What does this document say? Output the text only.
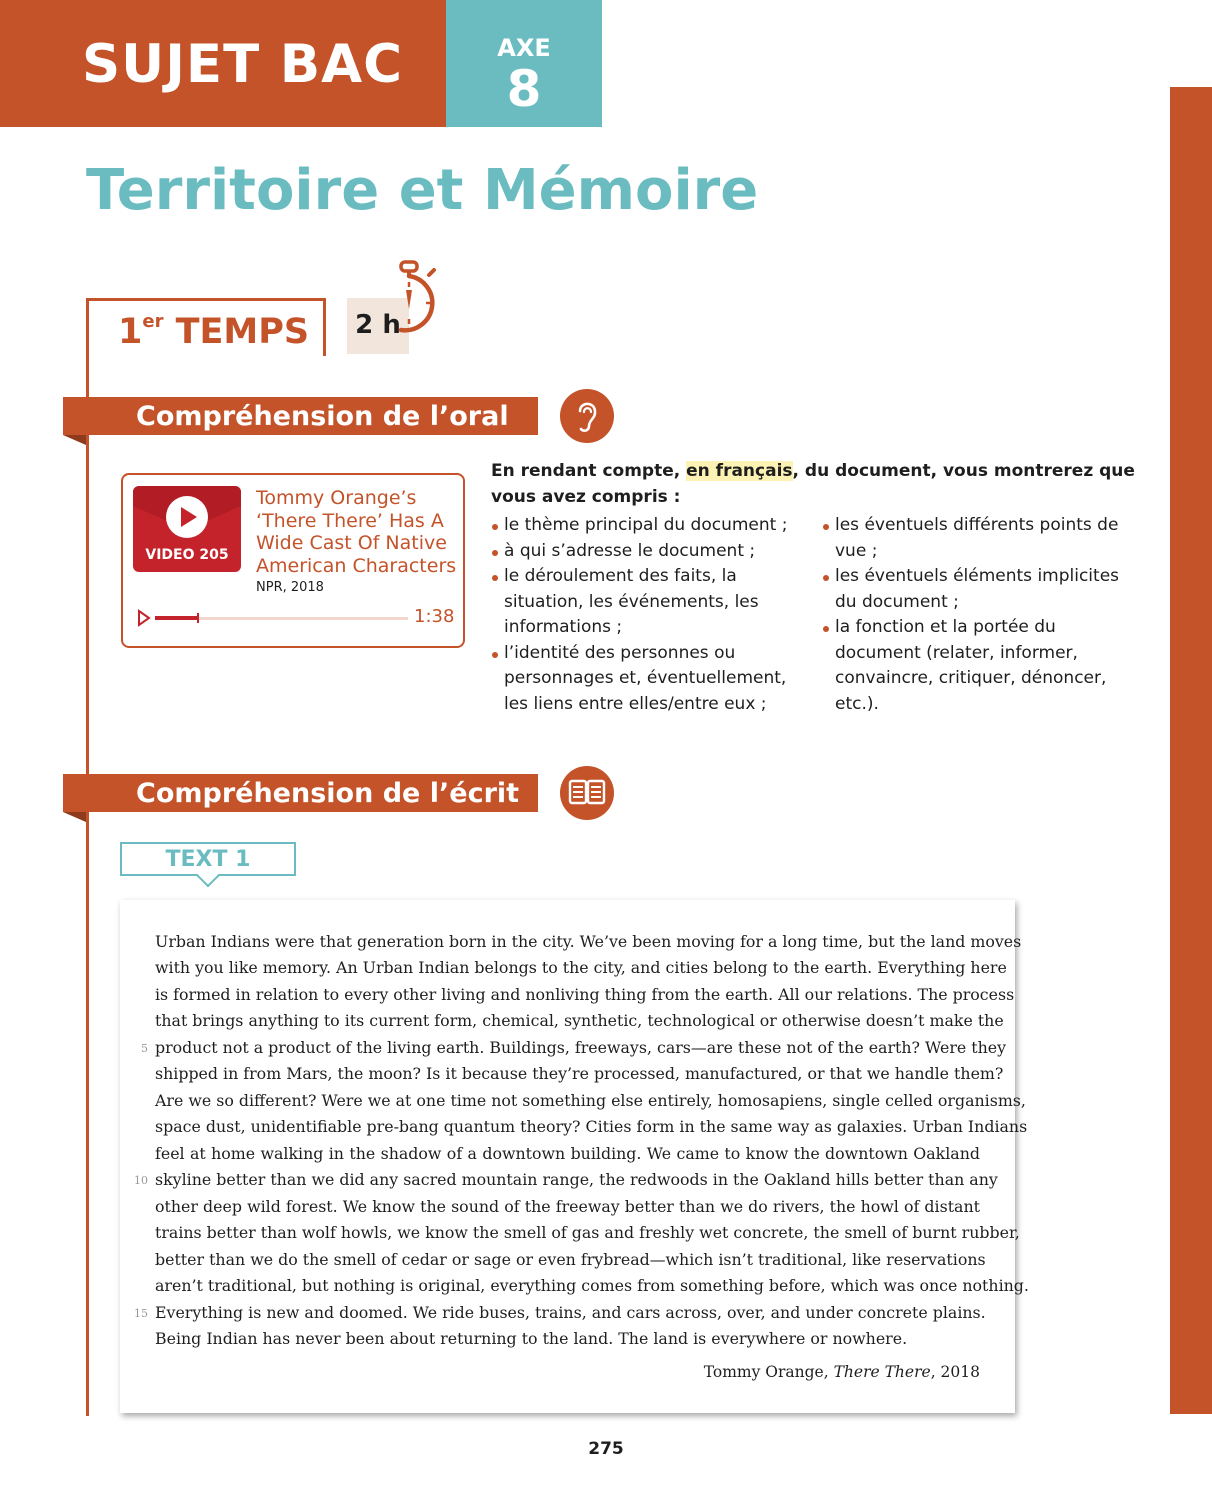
SUJET BAC	AXE
8
Territoire et Mémoire
1er TEMPS	2 h
Compréhension de l’oral
VIDEO 205
Tommy Orange’s ‘There There’ Has A Wide Cast Of Native American Characters
NPR, 2018
1:38
En rendant compte, en français, du document, vous montrerez que vous avez compris :
le thème principal du document ;
à qui s’adresse le document ;
le déroulement des faits, la situation, les événements, les informations ;
l’identité des personnes ou personnages et, éventuellement, les liens entre elles/entre eux ;
les éventuels différents points de vue ;
les éventuels éléments implicites du document ;
la fonction et la portée du document (relater, informer, convaincre, critiquer, dénoncer, etc.).
Compréhension de l’écrit
TEXT 1
Urban Indians were that generation born in the city. We’ve been moving for a long time, but the land moves
with you like memory. An Urban Indian belongs to the city, and cities belong to the earth. Everything here
is formed in relation to every other living and nonliving thing from the earth. All our relations. The process
that brings anything to its current form, chemical, synthetic, technological or otherwise doesn’t make the
product not a product of the living earth. Buildings, freeways, cars—are these not of the earth? Were they
shipped in from Mars, the moon? Is it because they’re processed, manufactured, or that we handle them?
Are we so different? Were we at one time not something else entirely, homosapiens, single celled organisms,
space dust, unidentifiable pre-bang quantum theory? Cities form in the same way as galaxies. Urban Indians
feel at home walking in the shadow of a downtown building. We came to know the downtown Oakland
skyline better than we did any sacred mountain range, the redwoods in the Oakland hills better than any
other deep wild forest. We know the sound of the freeway better than we do rivers, the howl of distant
trains better than wolf howls, we know the smell of gas and freshly wet concrete, the smell of burnt rubber,
better than we do the smell of cedar or sage or even frybread—which isn’t traditional, like reservations
aren’t traditional, but nothing is original, everything comes from something before, which was once nothing.
Everything is new and doomed. We ride buses, trains, and cars across, over, and under concrete plains.
Being Indian has never been about returning to the land. The land is everywhere or nowhere.
5
10
15
Tommy Orange, There There, 2018
275
